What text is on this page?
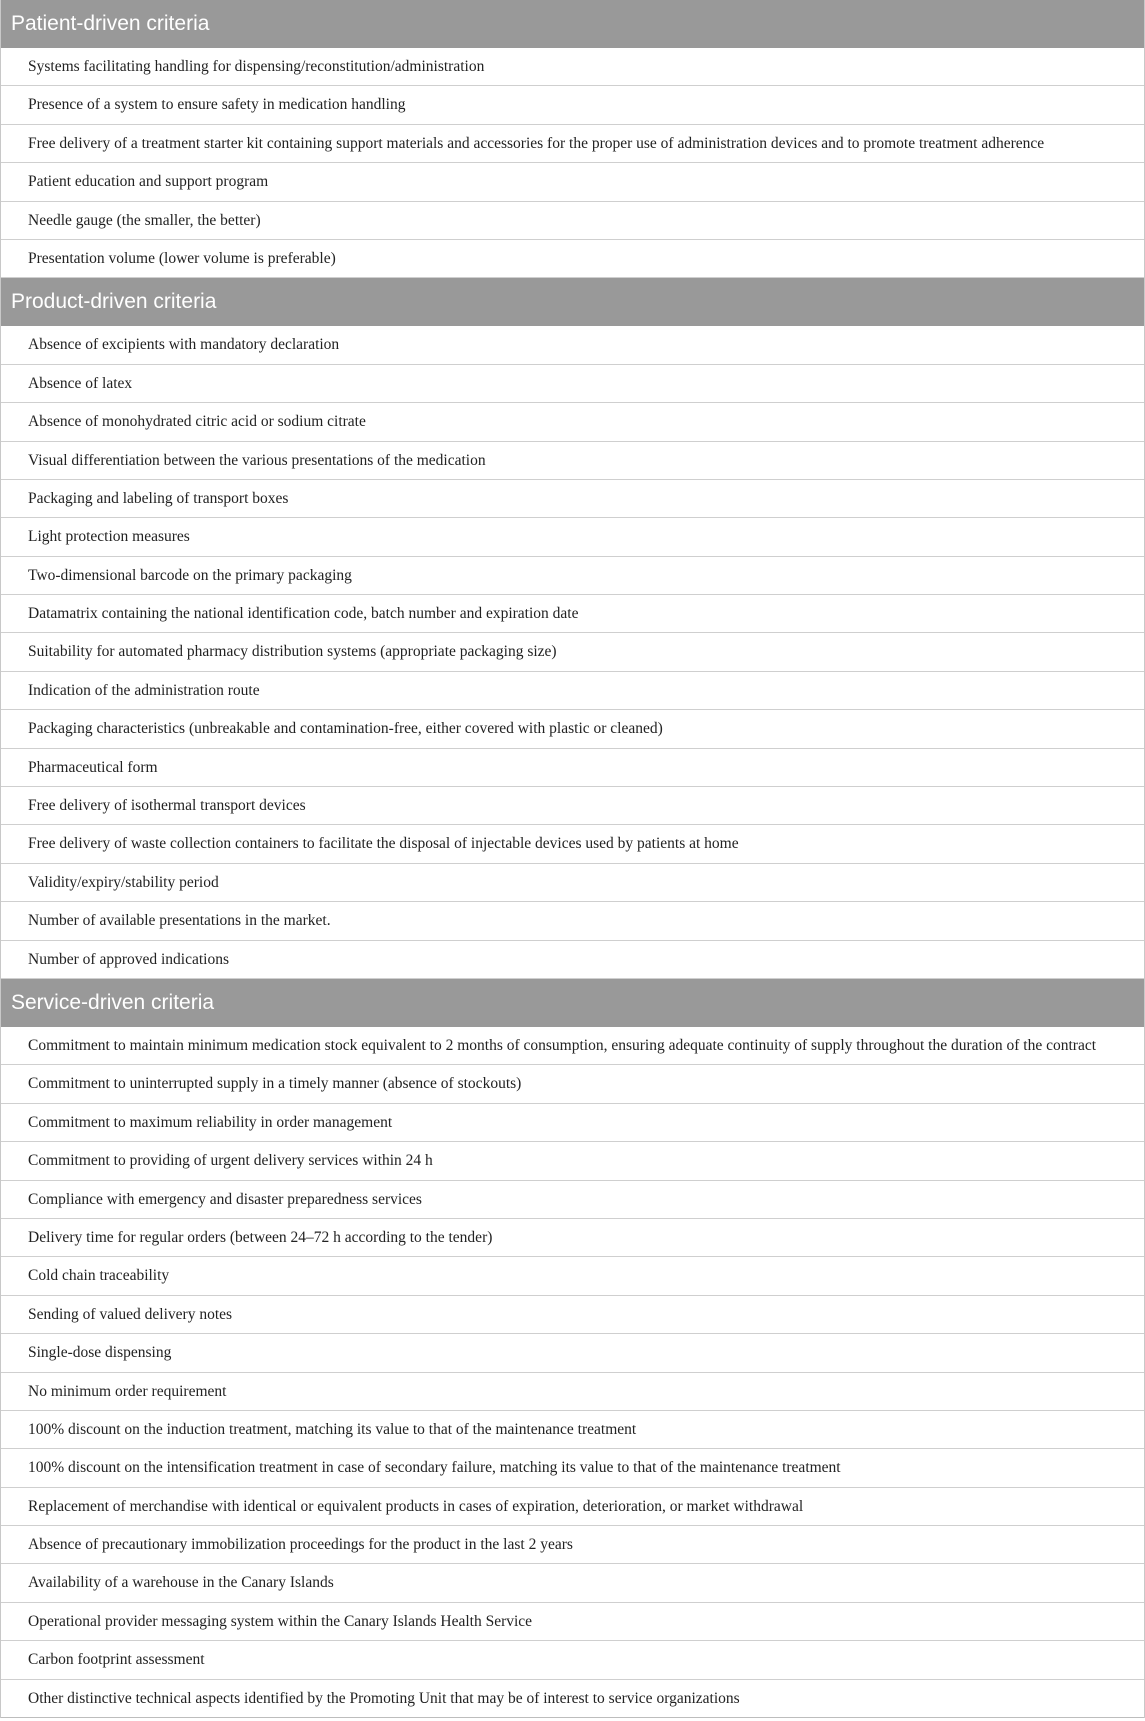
Patient-driven criteria
Systems facilitating handling for dispensing/reconstitution/administration
Presence of a system to ensure safety in medication handling
Free delivery of a treatment starter kit containing support materials and accessories for the proper use of administration devices and to promote treatment adherence
Patient education and support program
Needle gauge (the smaller, the better)
Presentation volume (lower volume is preferable)
Product-driven criteria
Absence of excipients with mandatory declaration
Absence of latex
Absence of monohydrated citric acid or sodium citrate
Visual differentiation between the various presentations of the medication
Packaging and labeling of transport boxes
Light protection measures
Two-dimensional barcode on the primary packaging
Datamatrix containing the national identification code, batch number and expiration date
Suitability for automated pharmacy distribution systems (appropriate packaging size)
Indication of the administration route
Packaging characteristics (unbreakable and contamination-free, either covered with plastic or cleaned)
Pharmaceutical form
Free delivery of isothermal transport devices
Free delivery of waste collection containers to facilitate the disposal of injectable devices used by patients at home
Validity/expiry/stability period
Number of available presentations in the market.
Number of approved indications
Service-driven criteria
Commitment to maintain minimum medication stock equivalent to 2 months of consumption, ensuring adequate continuity of supply throughout the duration of the contract
Commitment to uninterrupted supply in a timely manner (absence of stockouts)
Commitment to maximum reliability in order management
Commitment to providing of urgent delivery services within 24 h
Compliance with emergency and disaster preparedness services
Delivery time for regular orders (between 24–72 h according to the tender)
Cold chain traceability
Sending of valued delivery notes
Single-dose dispensing
No minimum order requirement
100% discount on the induction treatment, matching its value to that of the maintenance treatment
100% discount on the intensification treatment in case of secondary failure, matching its value to that of the maintenance treatment
Replacement of merchandise with identical or equivalent products in cases of expiration, deterioration, or market withdrawal
Absence of precautionary immobilization proceedings for the product in the last 2 years
Availability of a warehouse in the Canary Islands
Operational provider messaging system within the Canary Islands Health Service
Carbon footprint assessment
Other distinctive technical aspects identified by the Promoting Unit that may be of interest to service organizations
